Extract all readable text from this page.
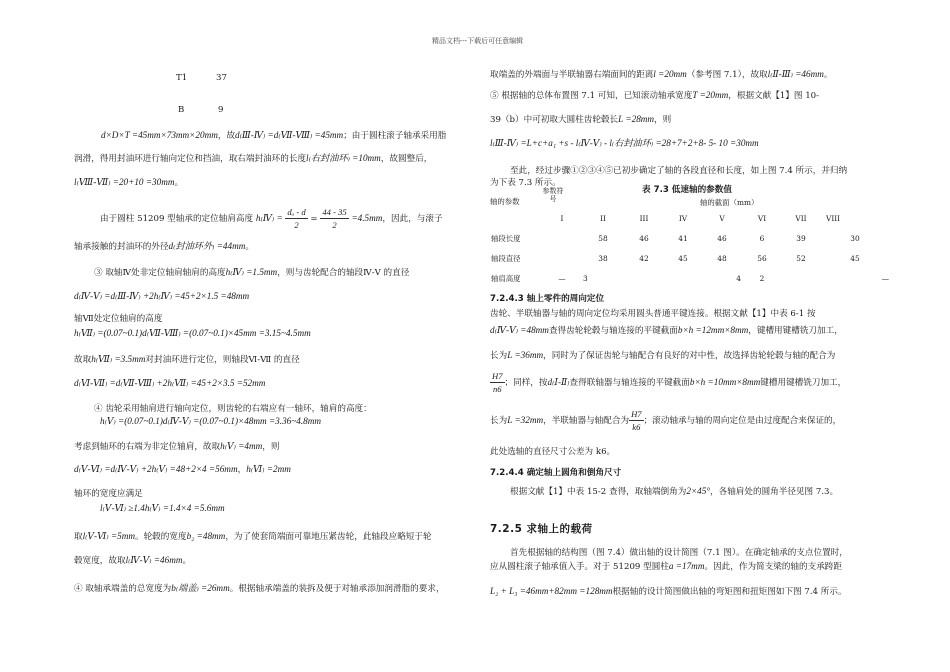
精品文档---下载后可任意编辑
T1	37
B	9
d×D×T =45mm×73mm×20mm，故d₍Ⅲ-Ⅳ₎ =d₍Ⅶ-Ⅷ₎ =45mm；由于圆柱滚子轴承采用脂
润滑，得用封油环进行轴向定位和挡油，取右端封油环的长度l₍右封油环₎ =10mm，故圆整后，
l₍Ⅷ-Ⅶ₎ =20+10 =30mm。
由于圆柱 51209 型轴承的定位轴肩高度 h₍Ⅳ₎ = $\frac{\text{dₐ - d}}{2} = \frac{44 - 35}{2} =4.5mm$，因此，与滚子
轴承接触的封油环的外径d₍封油环外₎ =44mm。
③ 取轴Ⅳ处非定位轴肩轴肩的高度h₍Ⅳ₎ =1.5mm，则与齿轮配合的轴段Ⅳ-Ⅴ 的直径
d₍Ⅳ-Ⅴ₎ =d₍Ⅲ-Ⅳ₎ +2h₍Ⅳ₎ =45+2×1.5 =48mm
轴Ⅶ处定位轴肩的高度
h₍Ⅶ₎ =(0.07~0.1)d₍Ⅶ-Ⅷ₎ =(0.07~0.1)×45mm =3.15~4.5mm
故取h₍Ⅶ₎ =3.5mm对封油环进行定位，则轴段Ⅵ-Ⅶ 的直径
d₍Ⅵ-Ⅶ₎ =d₍Ⅶ-Ⅷ₎ +2h₍Ⅶ₎ =45+2×3.5 =52mm
④ 齿轮采用轴肩进行轴向定位，则齿轮的右端应有一轴环，轴肩的高度：
h₍Ⅴ₎ =(0.07~0.1)d₍Ⅳ-Ⅴ₎ =(0.07~0.1)×48mm =3.36~4.8mm
考虑到轴环的右端为非定位轴肩，故取h₍Ⅴ₎ =4mm，则
d₍Ⅴ-Ⅵ₎ =d₍Ⅳ-Ⅴ₎ +2h₍Ⅴ₎ =48+2×4 =56mm，h₍Ⅵ₎ =2mm
轴环的宽度应满足
l₍Ⅴ-Ⅵ₎ ≥1.4h₍Ⅴ₎ =1.4×4 =5.6mm
取l₍Ⅴ-Ⅵ₎ =5mm。轮毂的宽度b₂ =48mm，为了使套筒端面可靠地压紧齿轮，此轴段应略短于轮
毂宽度，故取l₍Ⅳ-Ⅴ₎ =46mm。
④ 取轴承端盖的总宽度为b₍端盖₎ =26mm。根据轴承端盖的装拆及便于对轴承添加润滑脂的要求，
取端盖的外端面与半联轴器右端面间的距离l =20mm（参考图 7.1），故取l₍Ⅱ-Ⅲ₎ =46mm。
⑤ 根据轴的总体布置图 7.1 可知，已知滚动轴承宽度T =20mm，根据文献【1】图 10-
39（b）中可初取大圆柱齿轮毂长L =28mm，则
l₍Ⅲ-Ⅳ₎ =L+c+a₁ +s - l₍Ⅳ-Ⅴ₎ - l₍右封油环₎ =28+7+2+8- 5- 10 =30mm
至此，经过步骤①②③④⑤已初步确定了轴的各段直径和长度，如上图 7.4 所示，并归纳
为下表 7.3 所示。
表 7.3 低速轴的参数值
参数符号
轴的参数	轴的截面（mm）
	I	II	III	IV	V	VI	VII	VIII
轴段长度		58	46	41	46	6	39	30
轴段直径		38	42	45	48	56	52	45
轴肩高度	—	3			4	2		—
7.2.4.3 轴上零件的周向定位
齿轮、半联轴器与轴的周向定位均采用圆头普通平键连接。根据文献【1】中表 6-1 按
d₍Ⅳ-Ⅴ₎ =48mm查得齿轮轮毂与轴连接的平键截面b×h =12mm×8mm，键槽用键槽铣刀加工，
长为L =36mm，同时为了保证齿轮与轴配合有良好的对中性，故选择齿轮轮毂与轴的配合为
$\frac{H7}{n6}$ ；同样，按d₍Ⅰ-Ⅱ₎查得联轴器与轴连接的平键截面b×h =10mm×8mm键槽用键槽铣刀加工，
长为L =32mm，半联轴器与轴配合为 $\frac{H7}{k6}$ ；滚动轴承与轴的周向定位是由过度配合来保证的，
此处选轴的直径尺寸公差为 k6。
7.2.4.4 确定轴上圆角和倒角尺寸
根据文献【1】中表 15-2 查得，取轴端倒角为2×45°，各轴肩处的圆角半径见图 7.3。
7.2.5 求轴上的载荷
首先根据轴的结构图（图 7.4）做出轴的设计简图（7.1 图）。在确定轴承的支点位置时，
应从圆柱滚子轴承值入手。对于 51209 型圆柱a =17mm。因此，作为简支梁的轴的支承跨距
L₂ + L₃ =46mm+82mm =128mm根据轴的设计简图做出轴的弯矩图和扭矩图如下图 7.4 所示。
